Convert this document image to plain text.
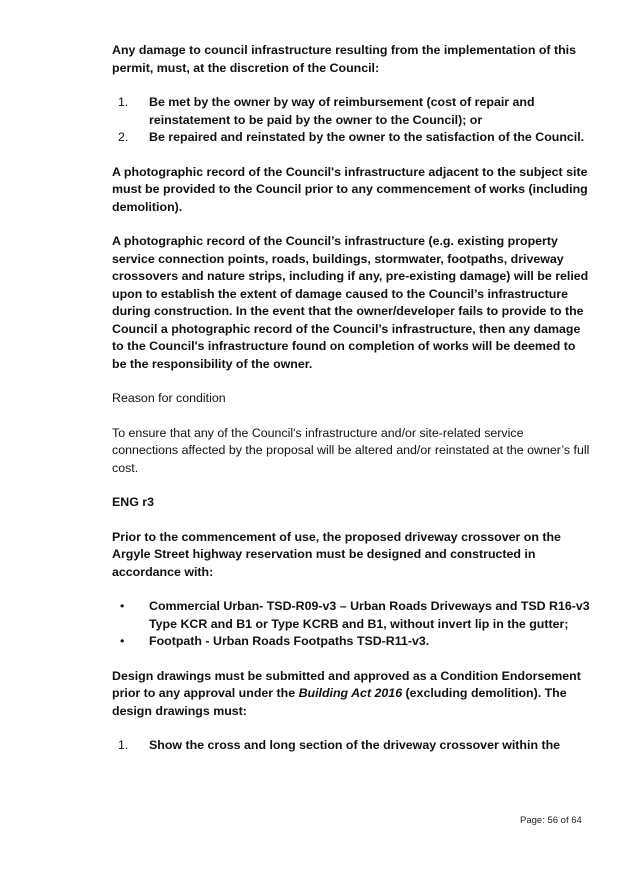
Any damage to council infrastructure resulting from the implementation of this permit, must, at the discretion of the Council:

1. Be met by the owner by way of reimbursement (cost of repair and reinstatement to be paid by the owner to the Council); or
2. Be repaired and reinstated by the owner to the satisfaction of the Council.

A photographic record of the Council's infrastructure adjacent to the subject site must be provided to the Council prior to any commencement of works (including demolition).

A photographic record of the Council’s infrastructure (e.g. existing property service connection points, roads, buildings, stormwater, footpaths, driveway crossovers and nature strips, including if any, pre-existing damage) will be relied upon to establish the extent of damage caused to the Council’s infrastructure during construction. In the event that the owner/developer fails to provide to the Council a photographic record of the Council’s infrastructure, then any damage to the Council's infrastructure found on completion of works will be deemed to be the responsibility of the owner.

Reason for condition

To ensure that any of the Council's infrastructure and/or site-related service connections affected by the proposal will be altered and/or reinstated at the owner’s full cost.

ENG r3

Prior to the commencement of use, the proposed driveway crossover on the Argyle Street highway reservation must be designed and constructed in accordance with:

• Commercial Urban- TSD-R09-v3 – Urban Roads Driveways and TSD R16-v3 Type KCR and B1 or Type KCRB and B1, without invert lip in the gutter;
• Footpath - Urban Roads Footpaths TSD-R11-v3.

Design drawings must be submitted and approved as a Condition Endorsement prior to any approval under the Building Act 2016 (excluding demolition). The design drawings must:

1. Show the cross and long section of the driveway crossover within the
Page: 56 of 64
